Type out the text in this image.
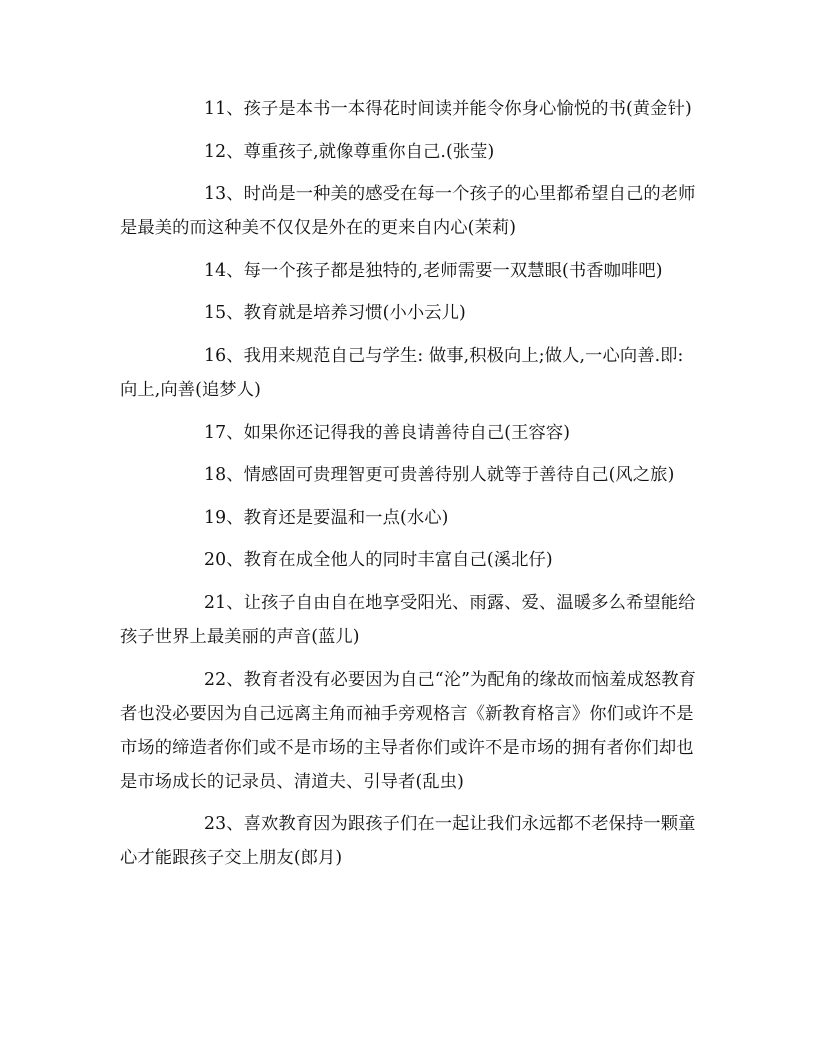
11、孩子是本书一本得花时间读并能令你身心愉悦的书(黄金针)

12、尊重孩子,就像尊重你自己.(张莹)

13、时尚是一种美的感受在每一个孩子的心里都希望自己的老师是最美的而这种美不仅仅是外在的更来自内心(茉莉)

14、每一个孩子都是独特的,老师需要一双慧眼(书香咖啡吧)

15、教育就是培养习惯(小小云儿)

16、我用来规范自己与学生: 做事,积极向上;做人,一心向善.即:向上,向善(追梦人)

17、如果你还记得我的善良请善待自己(王容容)

18、情感固可贵理智更可贵善待别人就等于善待自己(风之旅)

19、教育还是要温和一点(水心)

20、教育在成全他人的同时丰富自己(溪北仔)

21、让孩子自由自在地享受阳光、雨露、爱、温暖多么希望能给孩子世界上最美丽的声音(蓝儿)

22、教育者没有必要因为自己“沦”为配角的缘故而恼羞成怒教育者也没必要因为自己远离主角而袖手旁观格言《新教育格言》你们或许不是市场的缔造者你们或不是市场的主导者你们或许不是市场的拥有者你们却也是市场成长的记录员、清道夫、引导者(乱虫)

23、喜欢教育因为跟孩子们在一起让我们永远都不老保持一颗童心才能跟孩子交上朋友(郎月)
